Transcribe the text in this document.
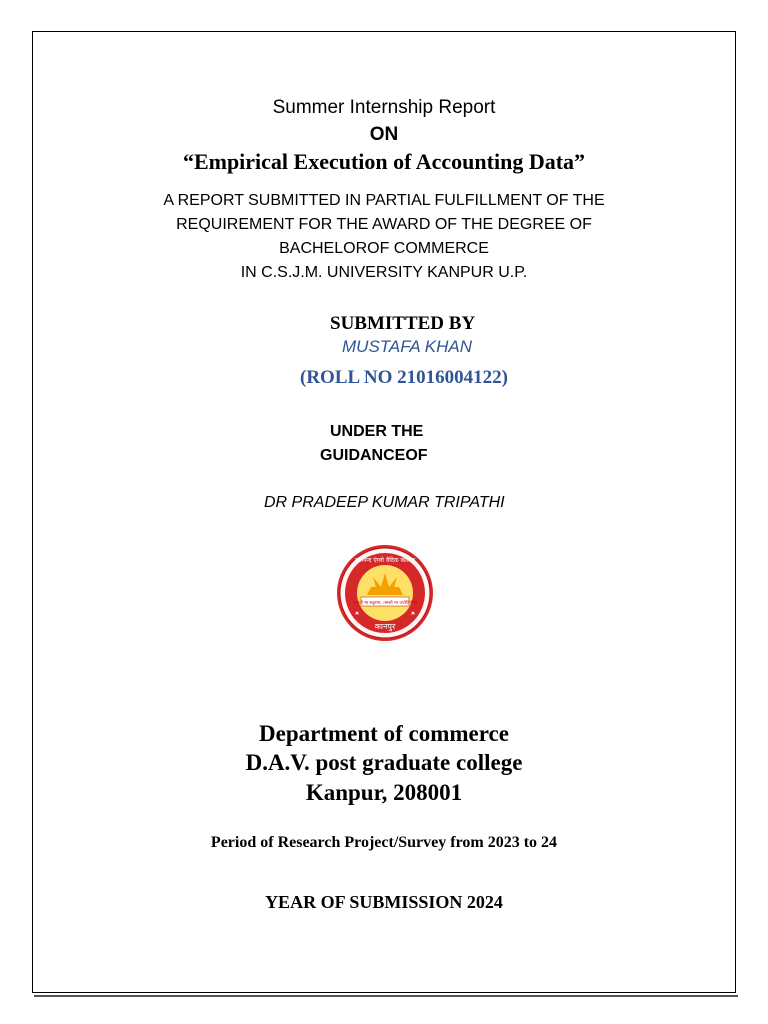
Summer Internship Report
ON
“Empirical Execution of Accounting Data”
A REPORT SUBMITTED IN PARTIAL FULFILLMENT OF THE
REQUIREMENT FOR THE AWARD OF THE DEGREE OF
BACHELOROF COMMERCE
IN C.S.J.M. UNIVERSITY KANPUR U.P.
SUBMITTED BY
MUSTAFA KHAN
(ROLL NO 21016004122)
UNDER THE
GUIDANCEOF
DR PRADEEP KUMAR TRIPATHI
असतो मा सद्गमय, तमसो मा ज्योतिर्गमय
दयानन्द एंग्लो वैदिक कॉलेज
कानपुर
Department of commerce
D.A.V. post graduate college
Kanpur, 208001
Period of Research Project/Survey from 2023 to 24
YEAR OF SUBMISSION 2024
